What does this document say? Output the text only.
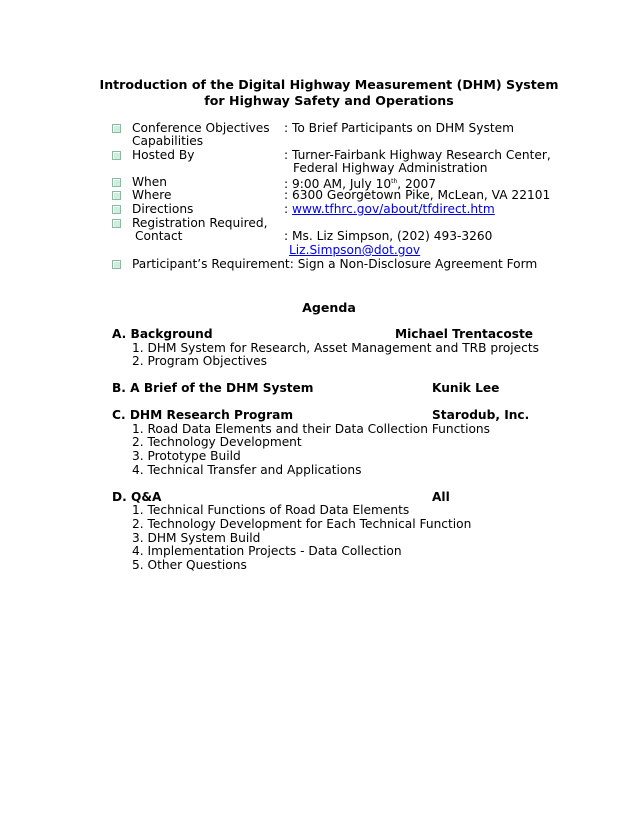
Introduction of the Digital Highway Measurement (DHM) System
for Highway Safety and Operations
Conference Objectives : To Brief Participants on DHM System
Capabilities
Hosted By	: Turner-Fairbank Highway Research Center,
Federal Highway Administration
When	: 9:00 AM, July 10th, 2007
Where	: 6300 Georgetown Pike, McLean, VA 22101
Directions	: www.tfhrc.gov/about/tfdirect.htm
Registration Required,
Contact	: Ms. Liz Simpson, (202) 493-3260
Liz.Simpson@dot.gov
Participant’s Requirement: Sign a Non-Disclosure Agreement Form
Agenda
A. Background	Michael Trentacoste
1. DHM System for Research, Asset Management and TRB projects
2. Program Objectives
B. A Brief of the DHM System	Kunik Lee
C. DHM Research Program	Starodub, Inc.
1. Road Data Elements and their Data Collection Functions
2. Technology Development
3. Prototype Build
4. Technical Transfer and Applications
D. Q&A	All
1. Technical Functions of Road Data Elements
2. Technology Development for Each Technical Function
3. DHM System Build
4. Implementation Projects - Data Collection
5. Other Questions
